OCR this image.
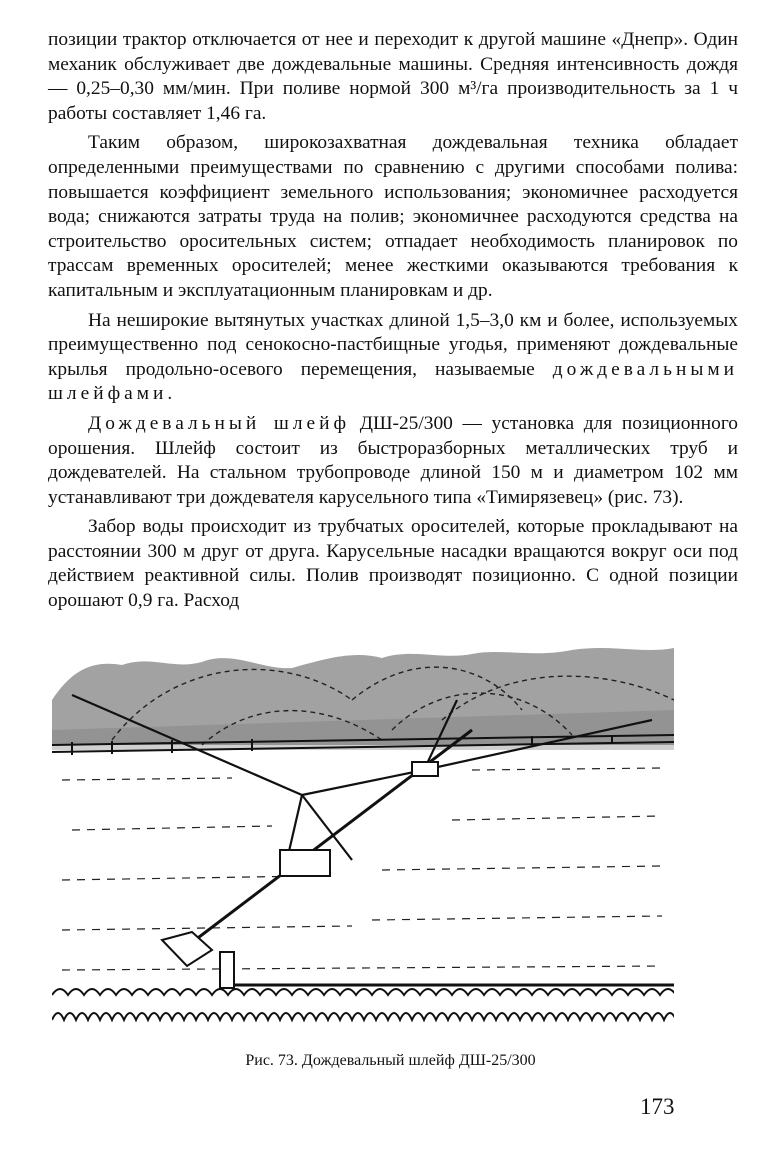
позиции трактор отключается от нее и переходит к другой машине «Днепр». Один механик обслуживает две дождевальные машины. Средняя интенсивность дождя — 0,25–0,30 мм/мин. При поливе нормой 300 м³/га производительность за 1 ч работы составляет 1,46 га.

Таким образом, широкозахватная дождевальная техника обладает определенными преимуществами по сравнению с другими способами полива: повышается коэффициент земельного использования; экономичнее расходуется вода; снижаются затраты труда на полив; экономичнее расходуются средства на строительство оросительных систем; отпадает необходимость планировок по трассам временных оросителей; менее жесткими оказываются требования к капитальным и эксплуатационным планировкам и др.

На неширокие вытянутых участках длиной 1,5–3,0 км и более, используемых преимущественно под сенокосно-пастбищные угодья, применяют дождевальные крылья продольно-осевого перемещения, называемые дождевальными шлейфами.

Дождевальный шлейф ДШ-25/300 — установка для позиционного орошения. Шлейф состоит из быстроразборных металлических труб и дождевателей. На стальном трубопроводе длиной 150 м и диаметром 102 мм устанавливают три дождевателя карусельного типа «Тимирязевец» (рис. 73).

Забор воды происходит из трубчатых оросителей, которые прокладывают на расстоянии 300 м друг от друга. Карусельные насадки вращаются вокруг оси под действием реактивной силы. Полив производят позиционно. С одной позиции орошают 0,9 га. Расход

Рис. 73. Дождевальный шлейф ДШ-25/300
173
